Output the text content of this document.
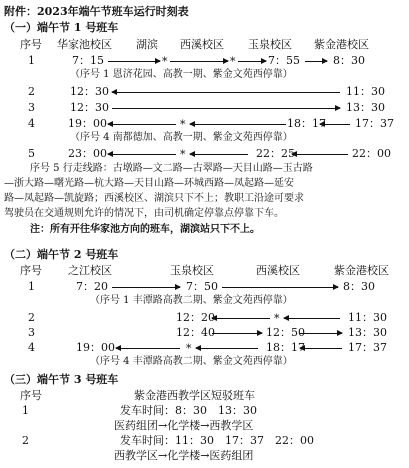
附件：2023年端午节班车运行时刻表
（一）端午节 1 号班车
序号 华家池校区 湖滨 西溪校区 玉泉校区 紫金港校区
1	7：15	*	*	7：55	8：30
（序号 1 恩济花园、高教一期、紫金文苑西停靠）
2	12：30	11：30
3	12：30	13：30
4	19：00	*	18：17	17：37
（序号 4 南都德加、高教一期、紫金文苑西停靠）
5	23：00	*	22：25	22：00
序号 5 行走线路：古墩路—文二路—古翠路—天目山路—玉古路
—浙大路—曙光路—杭大路—天目山路—环城西路—凤起路—延安
路—凤起路—凯旋路；西溪校区、湖滨只下不上；教职工沿途可要求
驾驶员在交通规则允许的情况下，由司机确定停靠点停靠下车。
注：所有开往华家池方向的班车，湖滨站只下不上。
（二）端午节 2 号班车
序号 之江校区	玉泉校区	西溪校区	紫金港校区
1	7：20	7：50	8：30
（序号 1 丰潭路高教二期、紫金文苑西停靠）
2	12：20	*	11：30
3	12：40	12：50	13：30
4	19：00	*	18：17	17：37
（序号 4 丰潭路高教二期、紫金文苑西停靠）
（三）端午节 3 号班车
序号	紫金港西教学区短驳班车
1	发车时间：8：30　13：30
医药组团→化学楼→西教学区
2	发车时间：11：30　17：37　22：00
西教学区→化学楼→医药组团
